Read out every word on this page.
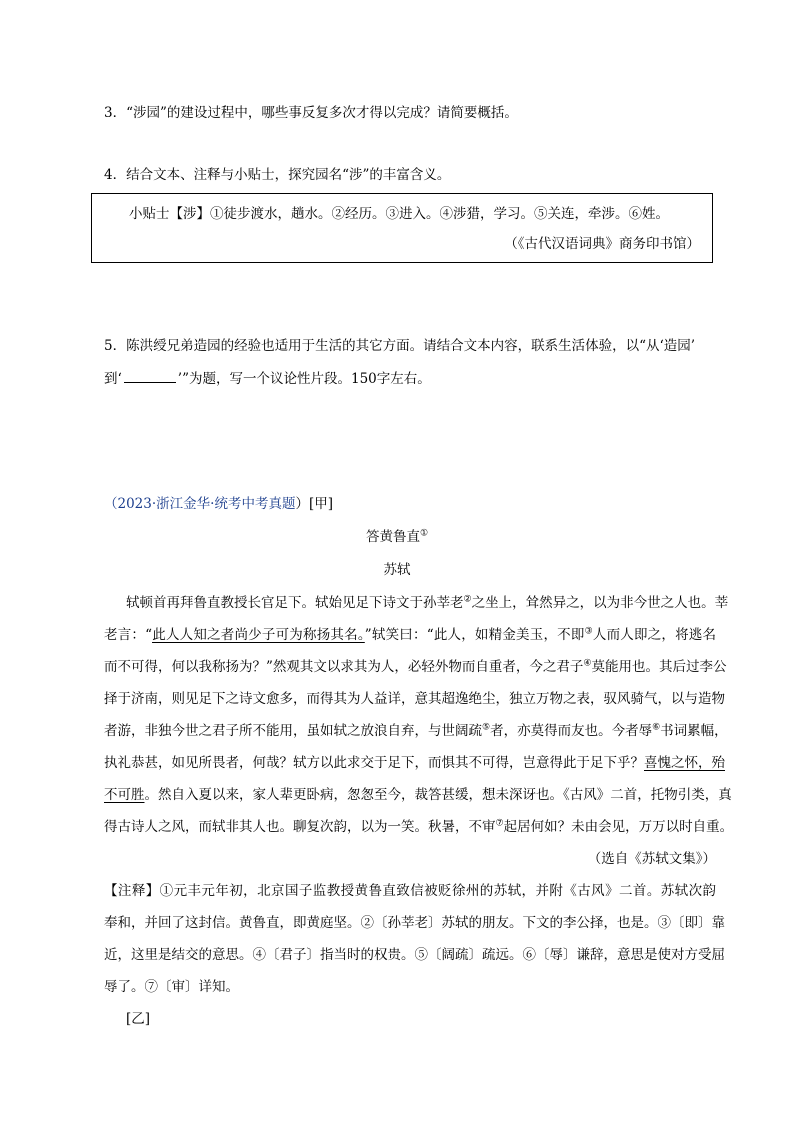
3．“涉园”的建设过程中，哪些事反复多次才得以完成？请简要概括。
4．结合文本、注释与小贴士，探究园名“涉”的丰富含义。
小贴士【涉】①徒步渡水，趟水。②经历。③进入。④涉猎，学习。⑤关连，牵涉。⑥姓。
（《古代汉语词典》商务印书馆）
5．陈洪绶兄弟造园的经验也适用于生活的其它方面。请结合文本内容，联系生活体验，以“从‘造园’
到‘	’”为题，写一个议论性片段。150字左右。
（2023·浙江金华·统考中考真题）[甲]
答黄鲁直①
苏轼
轼顿首再拜鲁直教授长官足下。轼始见足下诗文于孙莘老②之坐上，耸然异之，以为非今世之人也。莘
老言：“此人人知之者尚少子可为称扬其名。”轼笑曰：“此人，如精金美玉，不即③人而人即之，将逃名
而不可得，何以我称扬为？”然观其文以求其为人，必轻外物而自重者，今之君子④莫能用也。其后过李公
择于济南，则见足下之诗文愈多，而得其为人益详，意其超逸绝尘，独立万物之表，驭风骑气，以与造物
者游，非独今世之君子所不能用，虽如轼之放浪自弃，与世阔疏⑤者，亦莫得而友也。今者辱⑥书词累幅，
执礼恭甚，如见所畏者，何哉？轼方以此求交于足下，而惧其不可得，岂意得此于足下乎？喜愧之怀，殆
不可胜。然自入夏以来，家人辈更卧病，怱怱至今，裁答甚缓，想未深讶也。《古风》二首，托物引类，真
得古诗人之风，而轼非其人也。聊复次韵，以为一笑。秋暑，不审⑦起居何如？未由会见，万万以时自重。
（选自《苏轼文集》）
【注释】①元丰元年初，北京国子监教授黄鲁直致信被贬徐州的苏轼，并附《古风》二首。苏轼次韵
奉和，并回了这封信。黄鲁直，即黄庭坚。②〔孙莘老〕苏轼的朋友。下文的李公择，也是。③〔即〕靠
近，这里是结交的意思。④〔君子〕指当时的权贵。⑤〔阔疏〕疏远。⑥〔辱〕谦辞，意思是使对方受屈
辱了。⑦〔审〕详知。
[乙]
